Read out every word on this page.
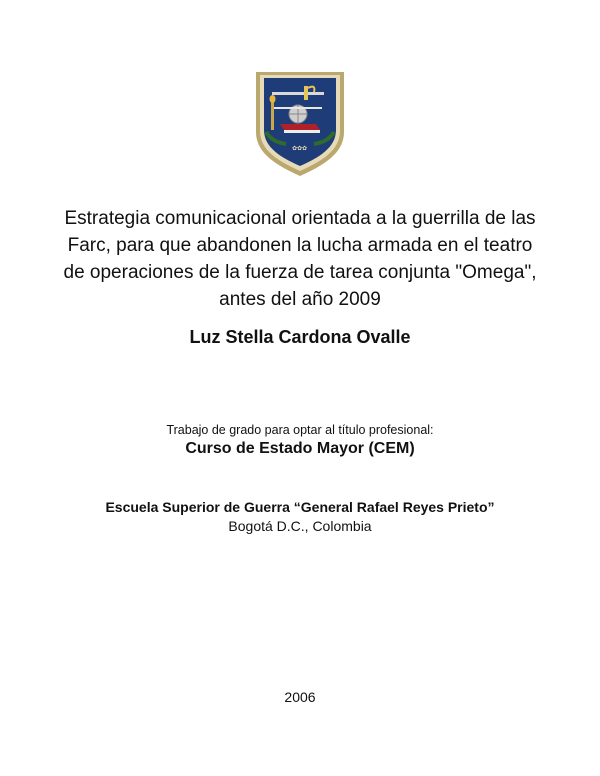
✿✿✿
Estrategia comunicacional orientada a la guerrilla de las Farc, para que abandonen la lucha armada en el teatro de operaciones de la fuerza de tarea conjunta "Omega", antes del año 2009
Luz Stella Cardona Ovalle
Trabajo de grado para optar al título profesional:
Curso de Estado Mayor (CEM)
Escuela Superior de Guerra “General Rafael Reyes Prieto”
Bogotá D.C., Colombia
2006
